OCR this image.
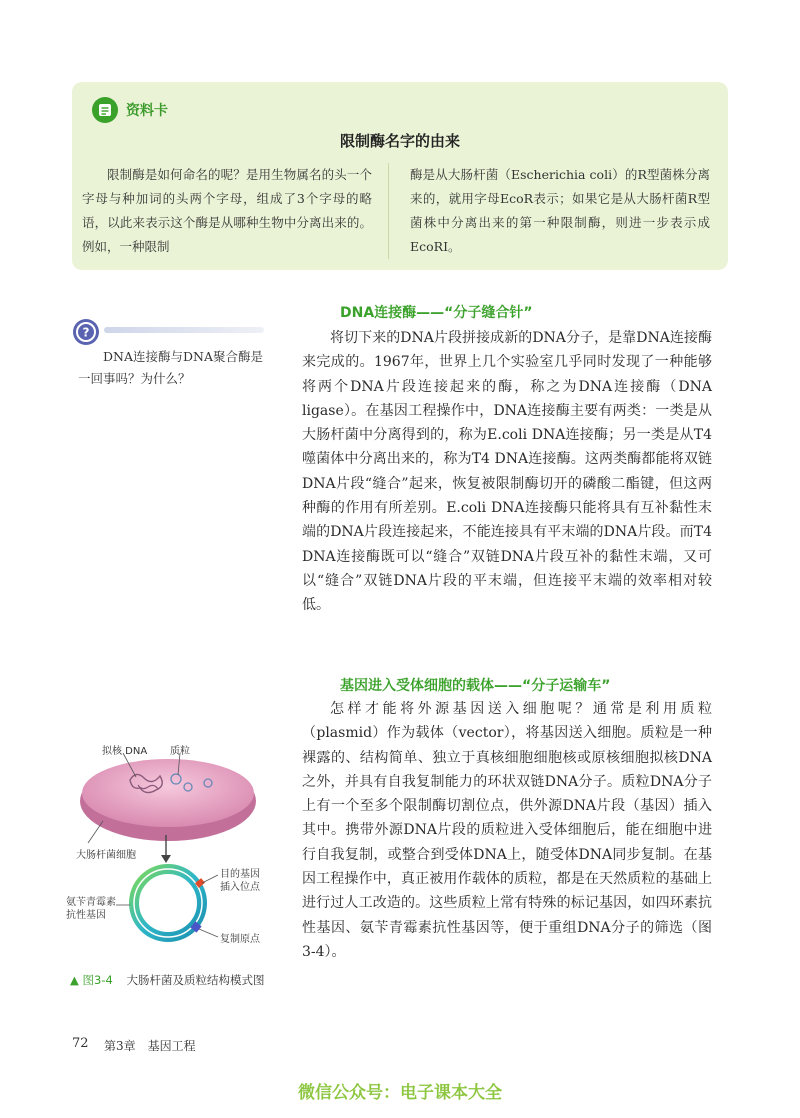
资料卡
限制酶名字的由来
限制酶是如何命名的呢？是用生物属名的头一个字母与种加词的头两个字母，组成了3个字母的略语，以此来表示这个酶是从哪种生物中分离出来的。例如，一种限制
酶是从大肠杆菌（Escherichia coli）的R型菌株分离来的，就用字母EcoR表示；如果它是从大肠杆菌R型菌株中分离出来的第一种限制酶，则进一步表示成EcoRⅠ。
?
DNA连接酶与DNA聚合酶是一回事吗？为什么？
DNA连接酶——“分子缝合针”
将切下来的DNA片段拼接成新的DNA分子，是靠DNA连接酶来完成的。1967年，世界上几个实验室几乎同时发现了一种能够将两个DNA片段连接起来的酶，称之为DNA连接酶（DNA ligase）。在基因工程操作中，DNA连接酶主要有两类：一类是从大肠杆菌中分离得到的，称为E.coli DNA连接酶；另一类是从T4噬菌体中分离出来的，称为T4 DNA连接酶。这两类酶都能将双链DNA片段“缝合”起来，恢复被限制酶切开的磷酸二酯键，但这两种酶的作用有所差别。E.coli DNA连接酶只能将具有互补黏性末端的DNA片段连接起来，不能连接具有平末端的DNA片段。而T4 DNA连接酶既可以“缝合”双链DNA片段互补的黏性末端，又可以“缝合”双链DNA片段的平末端，但连接平末端的效率相对较低。
基因进入受体细胞的载体——“分子运输车”
怎样才能将外源基因送入细胞呢？通常是利用质粒（plasmid）作为载体（vector），将基因送入细胞。质粒是一种裸露的、结构简单、独立于真核细胞细胞核或原核细胞拟核DNA之外，并具有自我复制能力的环状双链DNA分子。质粒DNA分子上有一个至多个限制酶切割位点，供外源DNA片段（基因）插入其中。携带外源DNA片段的质粒进入受体细胞后，能在细胞中进行自我复制，或整合到受体DNA上，随受体DNA同步复制。在基因工程操作中，真正被用作载体的质粒，都是在天然质粒的基础上进行过人工改造的。这些质粒上常有特殊的标记基因，如四环素抗性基因、氨苄青霉素抗性基因等，便于重组DNA分子的筛选（图3-4）。
拟核 DNA 质粒
大肠杆菌细胞
目的基因插入位点
氨苄青霉素抗性基因
复制原点
▲ 图3-4 大肠杆菌及质粒结构模式图
72 第3章　基因工程
微信公众号：电子课本大全
